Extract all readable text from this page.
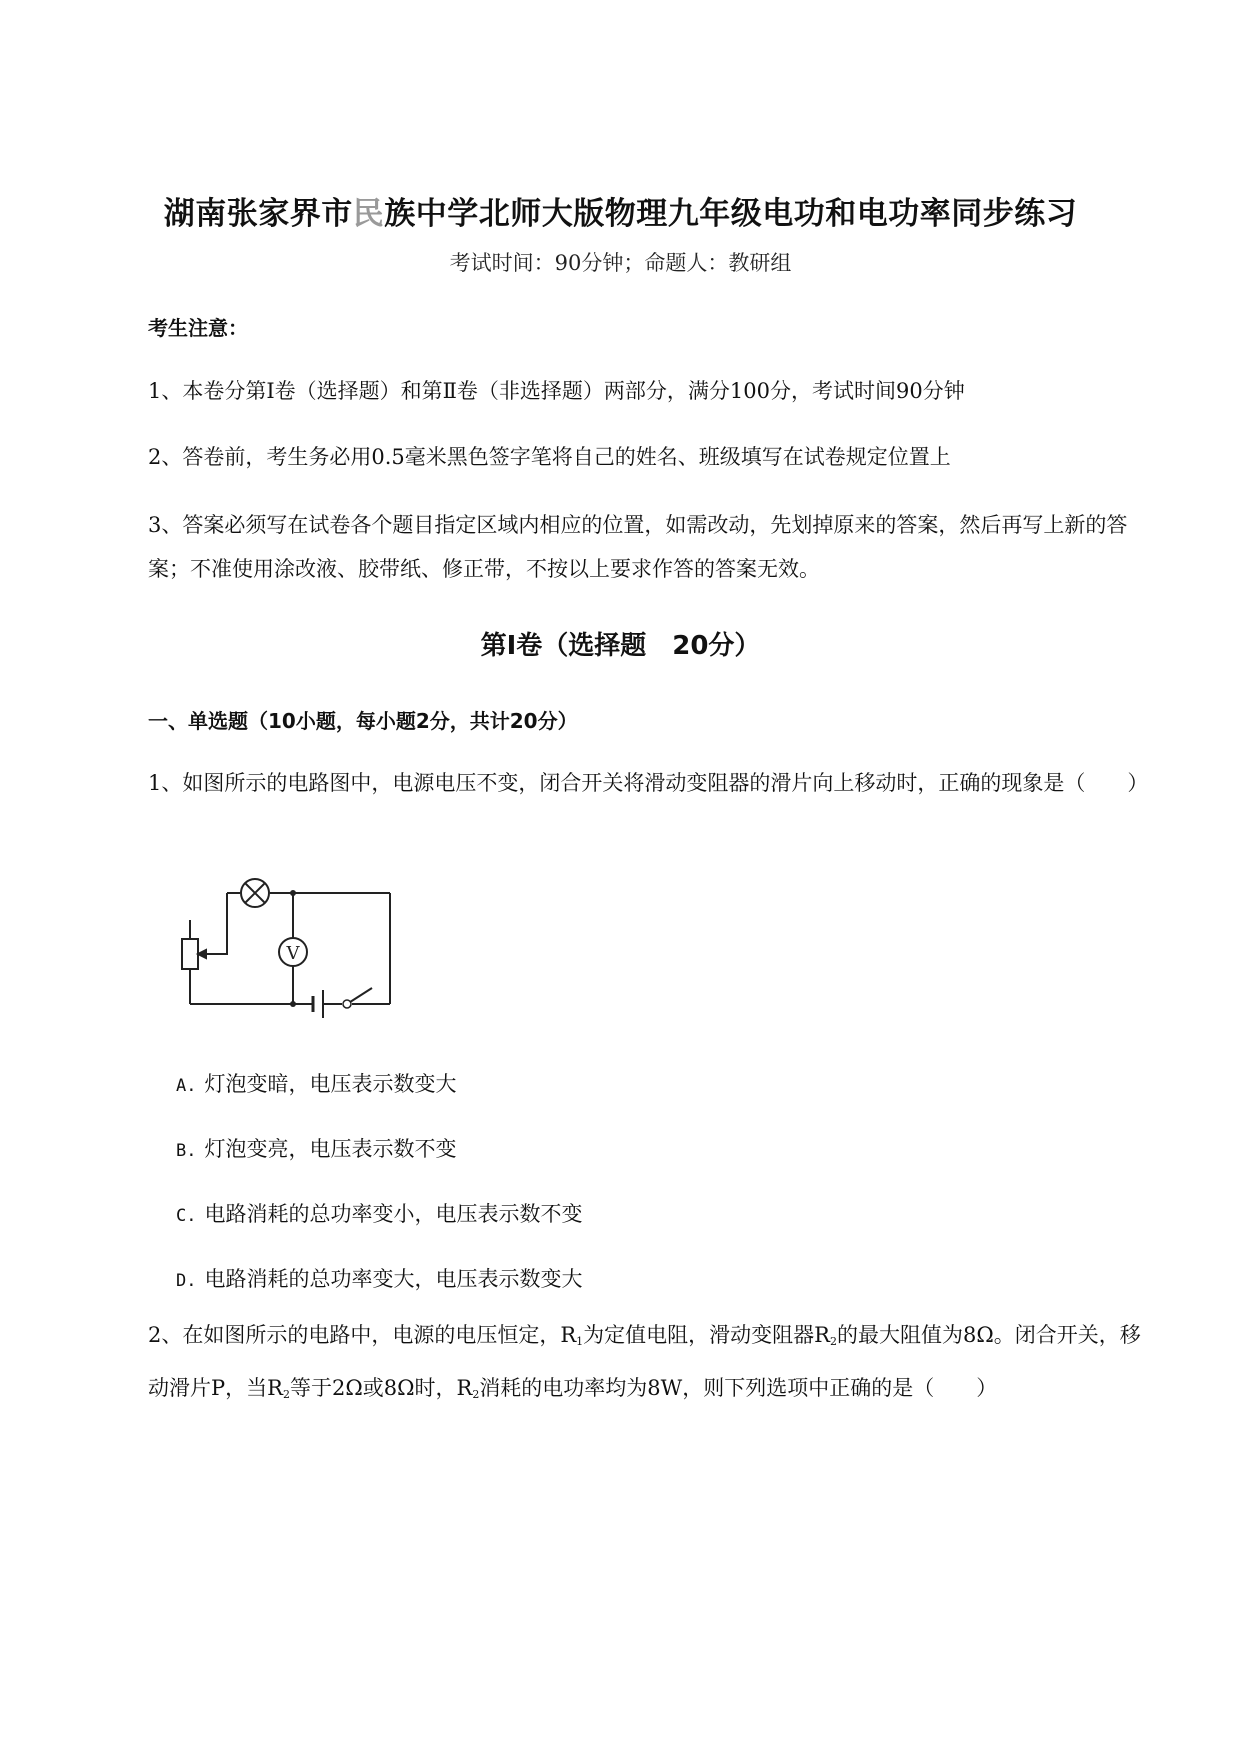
湖南张家界市民族中学北师大版物理九年级电功和电功率同步练习
考试时间：90分钟；命题人：教研组
考生注意：
1、本卷分第Ⅰ卷（选择题）和第Ⅱ卷（非选择题）两部分，满分100分，考试时间90分钟
2、答卷前，考生务必用0.5毫米黑色签字笔将自己的姓名、班级填写在试卷规定位置上
3、答案必须写在试卷各个题目指定区域内相应的位置，如需改动，先划掉原来的答案，然后再写上新的答案；不准使用涂改液、胶带纸、修正带，不按以上要求作答的答案无效。
第Ⅰ卷（选择题　20分）
一、单选题（10小题，每小题2分，共计20分）
1、如图所示的电路图中，电源电压不变，闭合开关将滑动变阻器的滑片向上移动时，正确的现象是（　　）
V
A. 灯泡变暗，电压表示数变大
B. 灯泡变亮，电压表示数不变
C. 电路消耗的总功率变小，电压表示数不变
D. 电路消耗的总功率变大，电压表示数变大
2、在如图所示的电路中，电源的电压恒定，$R_1$为定值电阻，滑动变阻器$R_2$的最大阻值为8Ω。闭合开关，移动滑片P，当$R_2$等于2Ω或8Ω时，$R_2$消耗的电功率均为8W，则下列选项中正确的是（　　）
